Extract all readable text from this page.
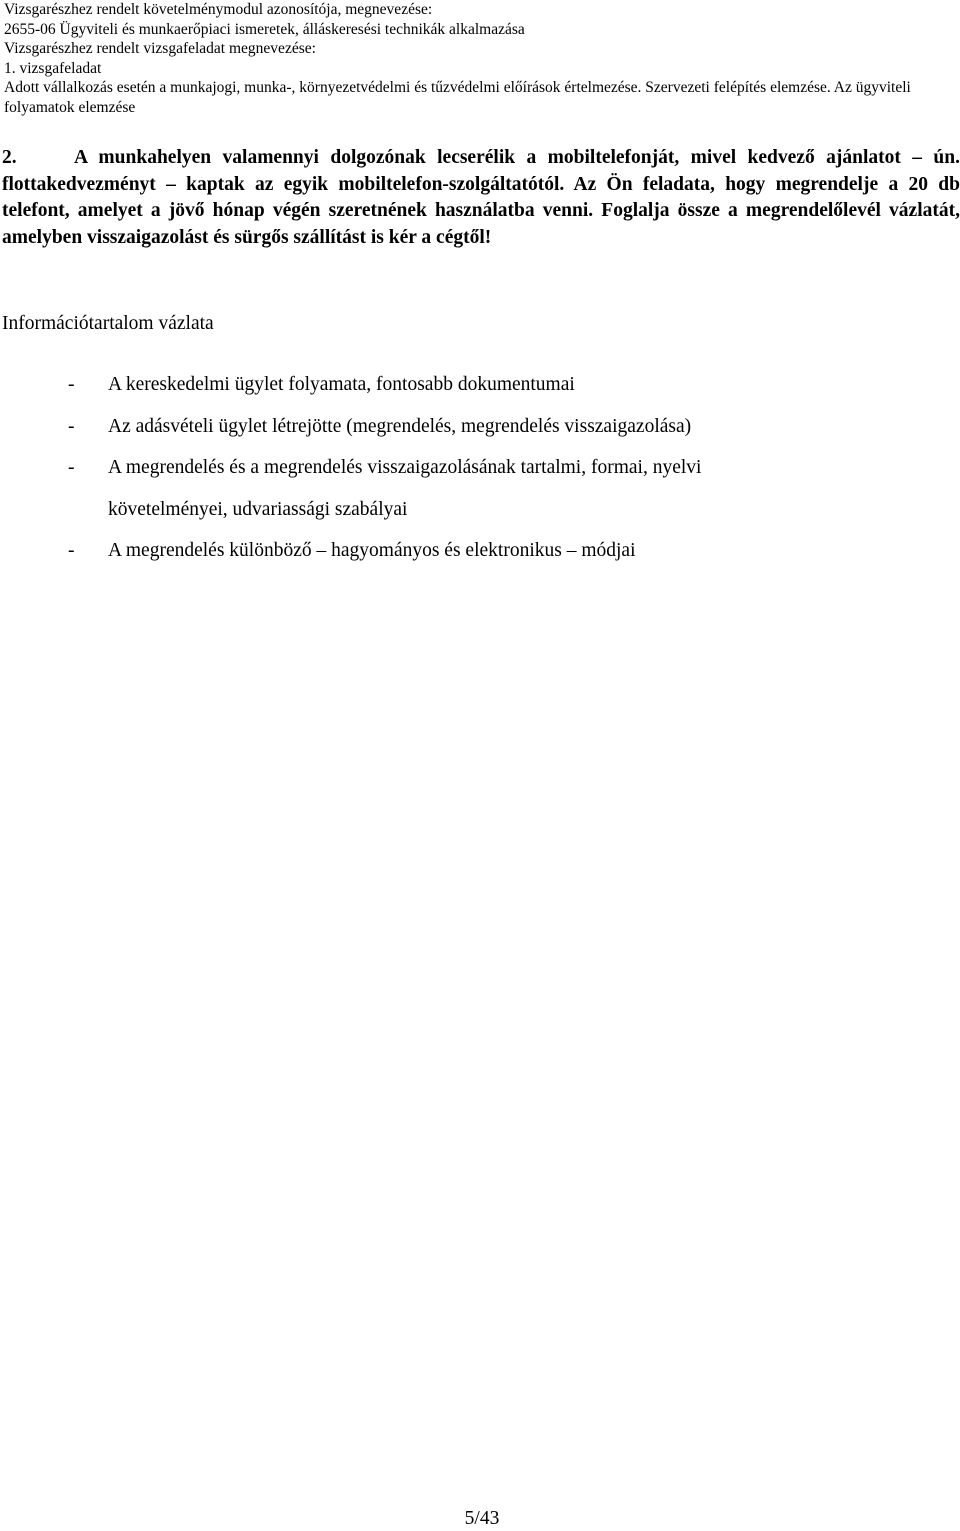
Vizsgarészhez rendelt követelménymodul azonosítója, megnevezése:
2655-06 Ügyviteli és munkaerőpiaci ismeretek, álláskeresési technikák alkalmazása
Vizsgarészhez rendelt vizsgafeladat megnevezése:
1. vizsgafeladat
Adott vállalkozás esetén a munkajogi, munka-, környezetvédelmi és tűzvédelmi előírások értelmezése. Szervezeti felépítés elemzése. Az ügyviteli folyamatok elemzése
2.	A munkahelyen valamennyi dolgozónak lecserélik a mobiltelefonját, mivel kedvező ajánlatot – ún. flottakedvezményt – kaptak az egyik mobiltelefon-szolgáltatótól. Az Ön feladata, hogy megrendelje a 20 db telefont, amelyet a jövő hónap végén szeretnének használatba venni. Foglalja össze a megrendelőlevél vázlatát, amelyben visszaigazolást és sürgős szállítást is kér a cégtől!
Információtartalom vázlata
- A kereskedelmi ügylet folyamata, fontosabb dokumentumai
- Az adásvételi ügylet létrejötte (megrendelés, megrendelés visszaigazolása)
- A megrendelés és a megrendelés visszaigazolásának tartalmi, formai, nyelvi
követelményei, udvariassági szabályai
- A megrendelés különböző – hagyományos és elektronikus – módjai
5/43
